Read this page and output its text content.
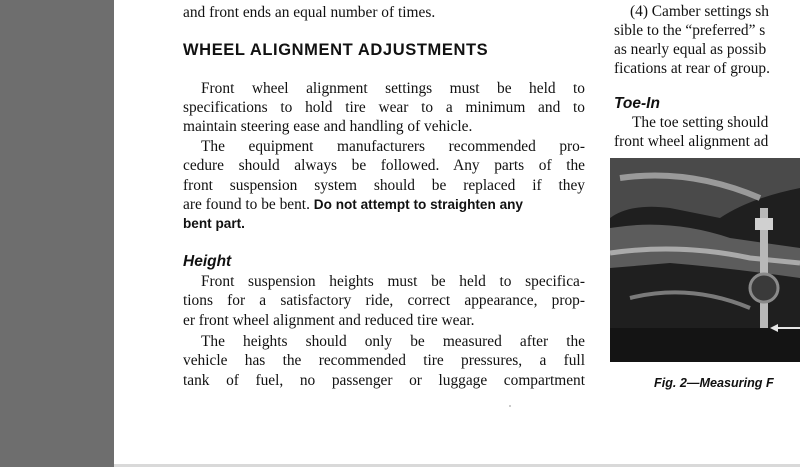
and front ends an equal number of times.
WHEEL ALIGNMENT ADJUSTMENTS
Front wheel alignment settings must be held to
specifications to hold tire wear to a minimum and to
maintain steering ease and handling of vehicle.
The equipment manufacturers recommended pro-
cedure should always be followed. Any parts of the
front suspension system should be replaced if they
are found to be bent. Do not attempt to straighten any
bent part.
Height
Front suspension heights must be held to specifica-
tions for a satisfactory ride, correct appearance, prop-
er front wheel alignment and reduced tire wear.
The heights should only be measured after the
vehicle has the recommended tire pressures, a full
tank of fuel, no passenger or luggage compartment
(4) Camber settings sh
sible to the “preferred” s
as nearly equal as possib
fications at rear of group.
Toe-In
The toe setting should
front wheel alignment ad
Fig. 2—Measuring F
